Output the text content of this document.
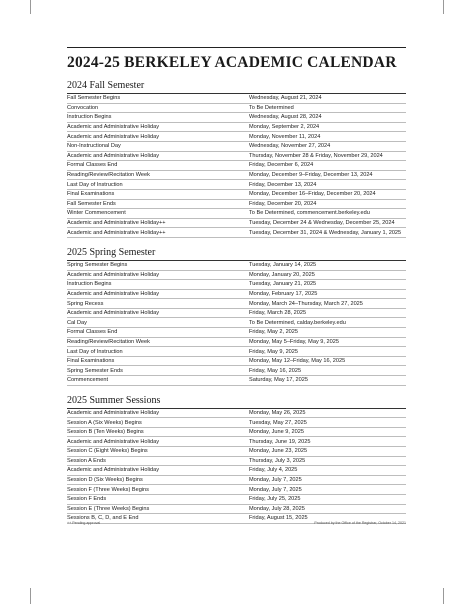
2024-25 BERKELEY ACADEMIC CALENDAR
2024 Fall Semester
Fall Semester Begins	Wednesday, August 21, 2024
Convocation	To Be Determined
Instruction Begins	Wednesday, August 28, 2024
Academic and Administrative Holiday	Monday, September 2, 2024
Academic and Administrative Holiday	Monday, November 11, 2024
Non-Instructional Day	Wednesday, November 27, 2024
Academic and Administrative Holiday	Thursday, November 28 & Friday, November 29, 2024
Formal Classes End	Friday, December 6, 2024
Reading/Review/Recitation Week	Monday, December 9–Friday, December 13, 2024
Last Day of Instruction	Friday, December 13, 2024
Final Examinations	Monday, December 16–Friday, December 20, 2024
Fall Semester Ends	Friday, December 20, 2024
Winter Commencement	To Be Determined, commencement.berkeley.edu
Academic and Administrative Holiday++	Tuesday, December 24 & Wednesday, December 25, 2024
Academic and Administrative Holiday++	Tuesday, December 31, 2024 & Wednesday, January 1, 2025
2025 Spring Semester
Spring Semester Begins	Tuesday, January 14, 2025
Academic and Administrative Holiday	Monday, January 20, 2025
Instruction Begins	Tuesday, January 21, 2025
Academic and Administrative Holiday	Monday, February 17, 2025
Spring Recess	Monday, March 24–Thursday, March 27, 2025
Academic and Administrative Holiday	Friday, March 28, 2025
Cal Day	To Be Determined, calday.berkeley.edu
Formal Classes End	Friday, May 2, 2025
Reading/Review/Recitation Week	Monday, May 5–Friday, May 9, 2025
Last Day of Instruction	Friday, May 9, 2025
Final Examinations	Monday, May 12–Friday, May 16, 2025
Spring Semester Ends	Friday, May 16, 2025
Commencement	Saturday, May 17, 2025
2025 Summer Sessions
Academic and Administrative Holiday	Monday, May 26, 2025
Session A (Six Weeks) Begins	Tuesday, May 27, 2025
Session B (Ten Weeks) Begins	Monday, June 9, 2025
Academic and Administrative Holiday	Thursday, June 19, 2025
Session C (Eight Weeks) Begins	Monday, June 23, 2025
Session A Ends	Thursday, July 3, 2025
Academic and Administrative Holiday	Friday, July 4, 2025
Session D (Six Weeks) Begins	Monday, July 7, 2025
Session F (Three Weeks) Begins	Monday, July 7, 2025
Session F Ends	Friday, July 25, 2025
Session E (Three Weeks) Begins	Monday, July 28, 2025
Sessions B, C, D, and E End	Friday, August 15, 2025
++ Pending approval	Produced by the Office of the Registrar, October 14, 2021
